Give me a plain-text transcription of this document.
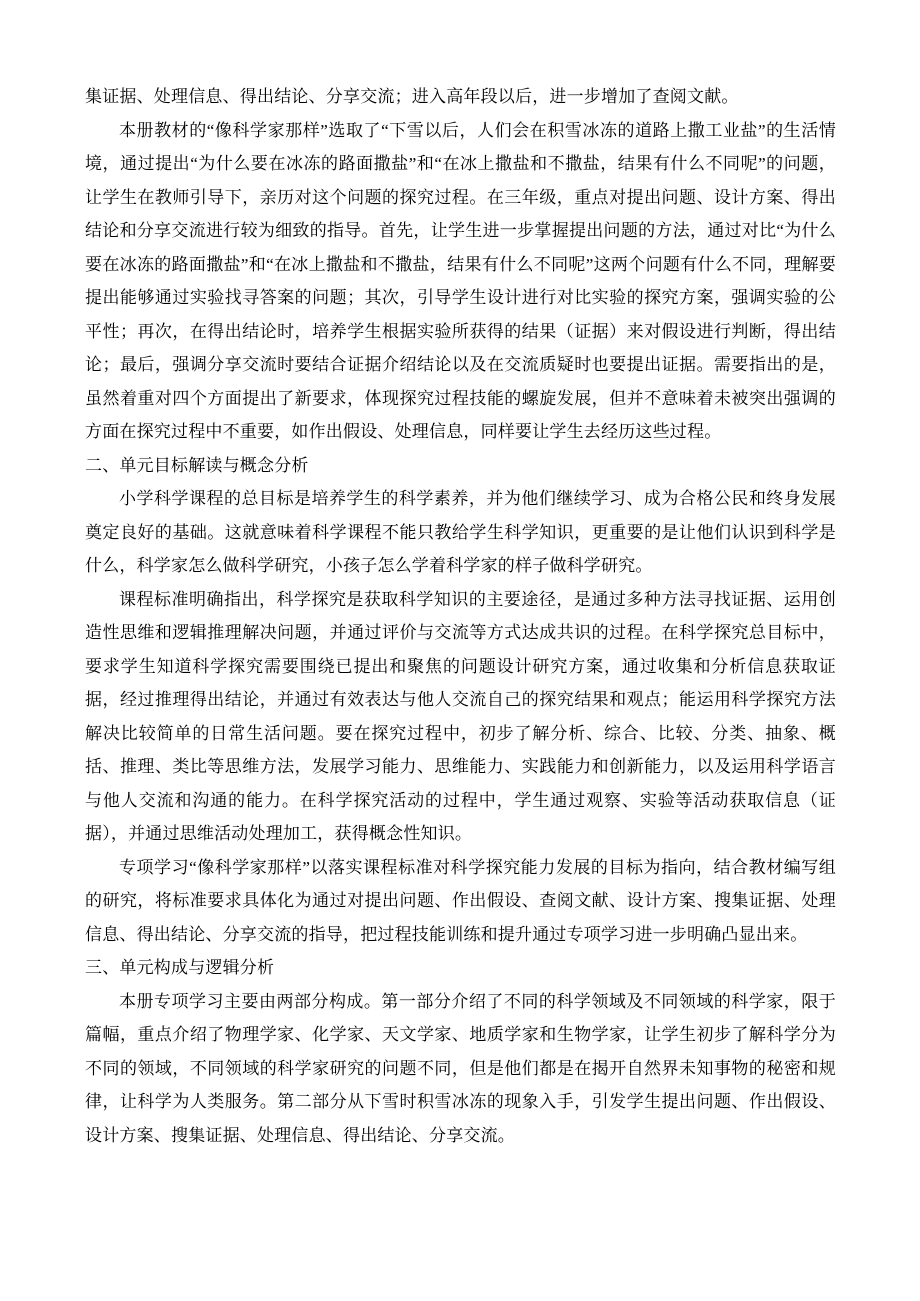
集证据、处理信息、得出结论、分享交流；进入高年段以后，进一步增加了查阅文献。

本册教材的“像科学家那样”选取了“下雪以后，人们会在积雪冰冻的道路上撒工业盐”的生活情境，通过提出“为什么要在冰冻的路面撒盐”和“在冰上撒盐和不撒盐，结果有什么不同呢”的问题，让学生在教师引导下，亲历对这个问题的探究过程。在三年级，重点对提出问题、设计方案、得出结论和分享交流进行较为细致的指导。首先，让学生进一步掌握提出问题的方法，通过对比“为什么要在冰冻的路面撒盐”和“在冰上撒盐和不撒盐，结果有什么不同呢”这两个问题有什么不同，理解要提出能够通过实验找寻答案的问题；其次，引导学生设计进行对比实验的探究方案，强调实验的公平性；再次，在得出结论时，培养学生根据实验所获得的结果（证据）来对假设进行判断，得出结论；最后，强调分享交流时要结合证据介绍结论以及在交流质疑时也要提出证据。需要指出的是，虽然着重对四个方面提出了新要求，体现探究过程技能的螺旋发展，但并不意味着未被突出强调的方面在探究过程中不重要，如作出假设、处理信息，同样要让学生去经历这些过程。

二、单元目标解读与概念分析

小学科学课程的总目标是培养学生的科学素养，并为他们继续学习、成为合格公民和终身发展奠定良好的基础。这就意味着科学课程不能只教给学生科学知识，更重要的是让他们认识到科学是什么，科学家怎么做科学研究，小孩子怎么学着科学家的样子做科学研究。

课程标准明确指出，科学探究是获取科学知识的主要途径，是通过多种方法寻找证据、运用创造性思维和逻辑推理解决问题，并通过评价与交流等方式达成共识的过程。在科学探究总目标中，要求学生知道科学探究需要围绕已提出和聚焦的问题设计研究方案，通过收集和分析信息获取证据，经过推理得出结论，并通过有效表达与他人交流自己的探究结果和观点；能运用科学探究方法解决比较简单的日常生活问题。要在探究过程中，初步了解分析、综合、比较、分类、抽象、概括、推理、类比等思维方法，发展学习能力、思维能力、实践能力和创新能力，以及运用科学语言与他人交流和沟通的能力。在科学探究活动的过程中，学生通过观察、实验等活动获取信息（证据），并通过思维活动处理加工，获得概念性知识。

专项学习“像科学家那样”以落实课程标准对科学探究能力发展的目标为指向，结合教材编写组的研究，将标准要求具体化为通过对提出问题、作出假设、查阅文献、设计方案、搜集证据、处理信息、得出结论、分享交流的指导，把过程技能训练和提升通过专项学习进一步明确凸显出来。

三、单元构成与逻辑分析

本册专项学习主要由两部分构成。第一部分介绍了不同的科学领域及不同领域的科学家，限于篇幅，重点介绍了物理学家、化学家、天文学家、地质学家和生物学家，让学生初步了解科学分为不同的领域，不同领域的科学家研究的问题不同，但是他们都是在揭开自然界未知事物的秘密和规律，让科学为人类服务。第二部分从下雪时积雪冰冻的现象入手，引发学生提出问题、作出假设、设计方案、搜集证据、处理信息、得出结论、分享交流。
